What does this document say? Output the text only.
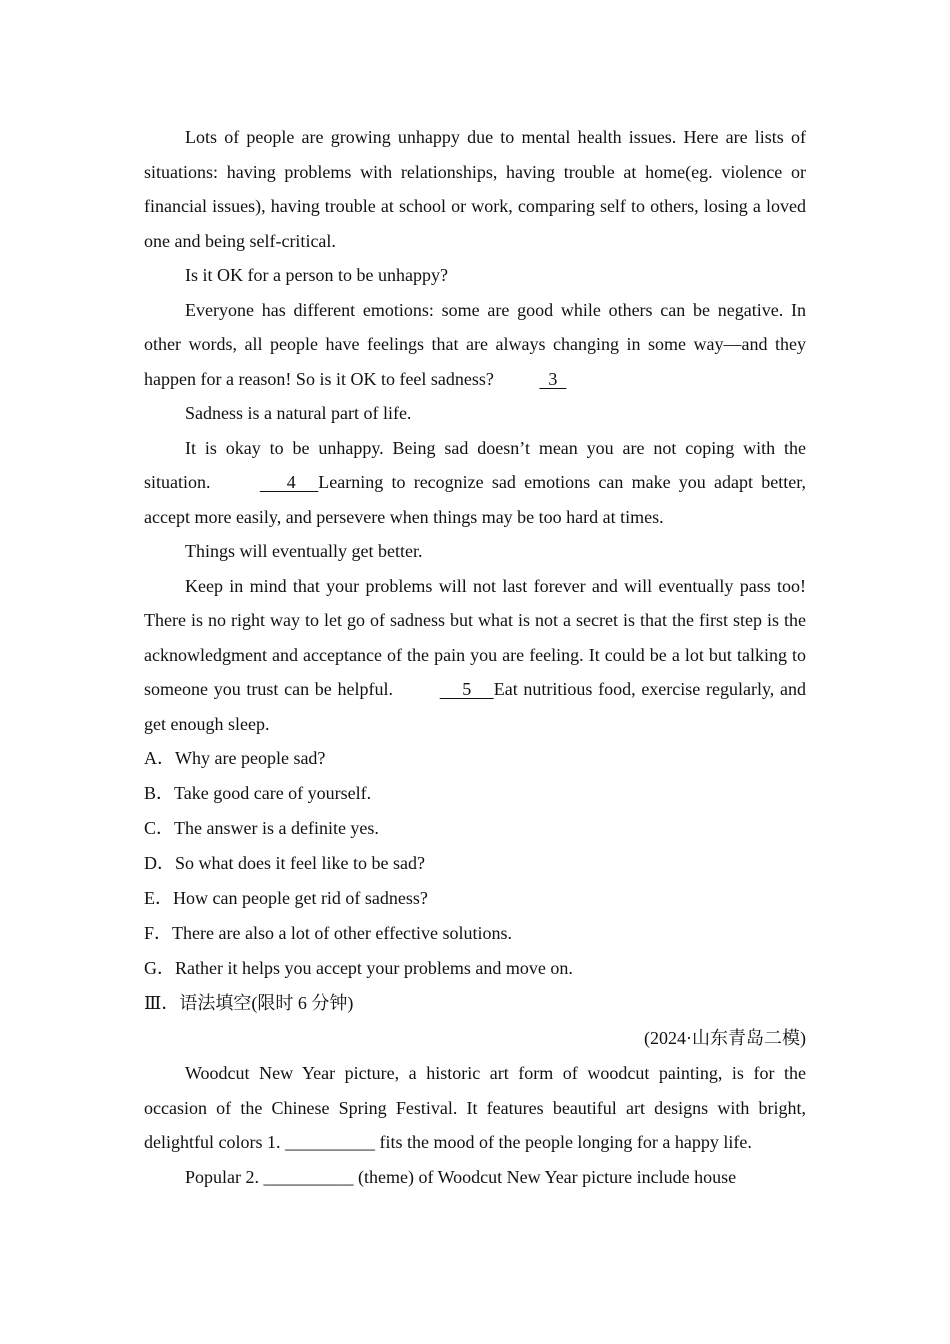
Lots of people are growing unhappy due to mental health issues. Here are lists of situations: having problems with relationships, having trouble at home(eg. violence or financial issues), having trouble at school or work, comparing self to others, losing a loved one and being self-critical.

Is it OK for a person to be unhappy?

Everyone has different emotions: some are good while others can be negative. In other words, all people have feelings that are always changing in some way—and they happen for a reason! So is it OK to feel sadness?   3

Sadness is a natural part of life.

It is okay to be unhappy. Being sad doesn’t mean you are not coping with the situation.       4     Learning to recognize sad emotions can make you adapt better, accept more easily, and persevere when things may be too hard at times.

Things will eventually get better.

Keep in mind that your problems will not last forever and will eventually pass too! There is no right way to let go of sadness but what is not a secret is that the first step is the acknowledgment and acceptance of the pain you are feeling. It could be a lot but talking to someone you trust can be helpful.      5     Eat nutritious food, exercise regularly, and get enough sleep.

A．Why are people sad?

B．Take good care of yourself.

C．The answer is a definite yes.

D．So what does it feel like to be sad?

E．How can people get rid of sadness?

F．There are also a lot of other effective solutions.

G．Rather it helps you accept your problems and move on.

Ⅲ．语法填空(限时 6 分钟)

(2024·山东青岛二模)

Woodcut New Year picture, a historic art form of woodcut painting, is for the occasion of the Chinese Spring Festival. It features beautiful art designs with bright, delightful colors 1. __________ fits the mood of the people longing for a happy life.

Popular 2. __________ (theme) of Woodcut New Year picture include house
